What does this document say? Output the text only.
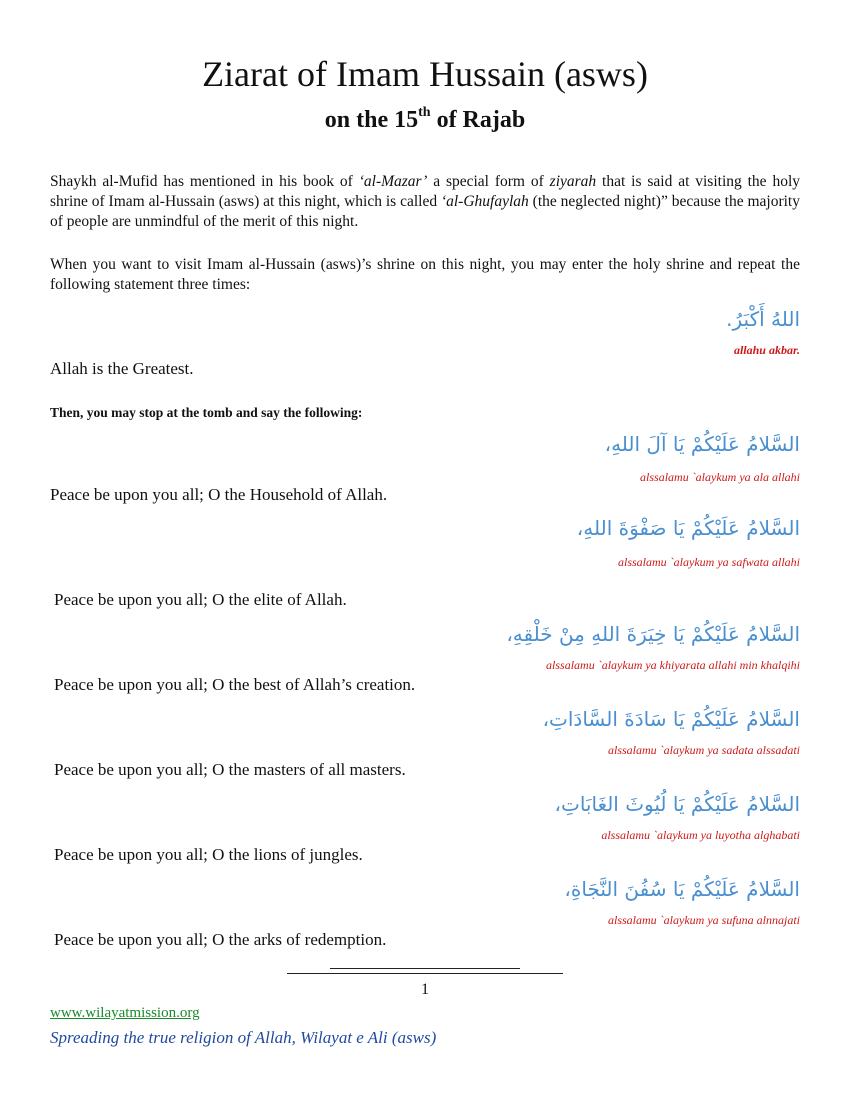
Ziarat of Imam Hussain (asws)
on the 15th of Rajab
Shaykh al-Mufid has mentioned in his book of ‘al-Mazar’ a special form of ziyarah that is said at visiting the holy shrine of Imam al-Hussain (asws) at this night, which is called ‘al-Ghufaylah (the neglected night)” because the majority of people are unmindful of the merit of this night.
When you want to visit Imam al-Hussain (asws)’s shrine on this night, you may enter the holy shrine and repeat the following statement three times:
اللهُ أَكْبَرُ.
allahu akbar.
Allah is the Greatest.
Then, you may stop at the tomb and say the following:
السَّلامُ عَلَيْكُمْ يَا آلَ اللهِ،
alssalamu `alaykum ya ala allahi
Peace be upon you all; O the Household of Allah.
السَّلامُ عَلَيْكُمْ يَا صَفْوَةَ اللهِ،
alssalamu `alaykum ya safwata allahi
Peace be upon you all; O the elite of Allah.
السَّلامُ عَلَيْكُمْ يَا خِيَرَةَ اللهِ مِنْ خَلْقِهِ،
alssalamu `alaykum ya khiyarata allahi min khalqihi
Peace be upon you all; O the best of Allah’s creation.
السَّلامُ عَلَيْكُمْ يَا سَادَةَ السَّادَاتِ،
alssalamu `alaykum ya sadata alssadati
Peace be upon you all; O the masters of all masters.
السَّلامُ عَلَيْكُمْ يَا لُيُوثَ الغَابَاتِ،
alssalamu `alaykum ya luyotha alghabati
Peace be upon you all; O the lions of jungles.
السَّلامُ عَلَيْكُمْ يَا سُفُنَ النَّجَاةِ،
alssalamu `alaykum ya sufuna alnnajati
Peace be upon you all; O the arks of redemption.
1
www.wilayatmission.org
Spreading the true religion of Allah, Wilayat e Ali (asws)
